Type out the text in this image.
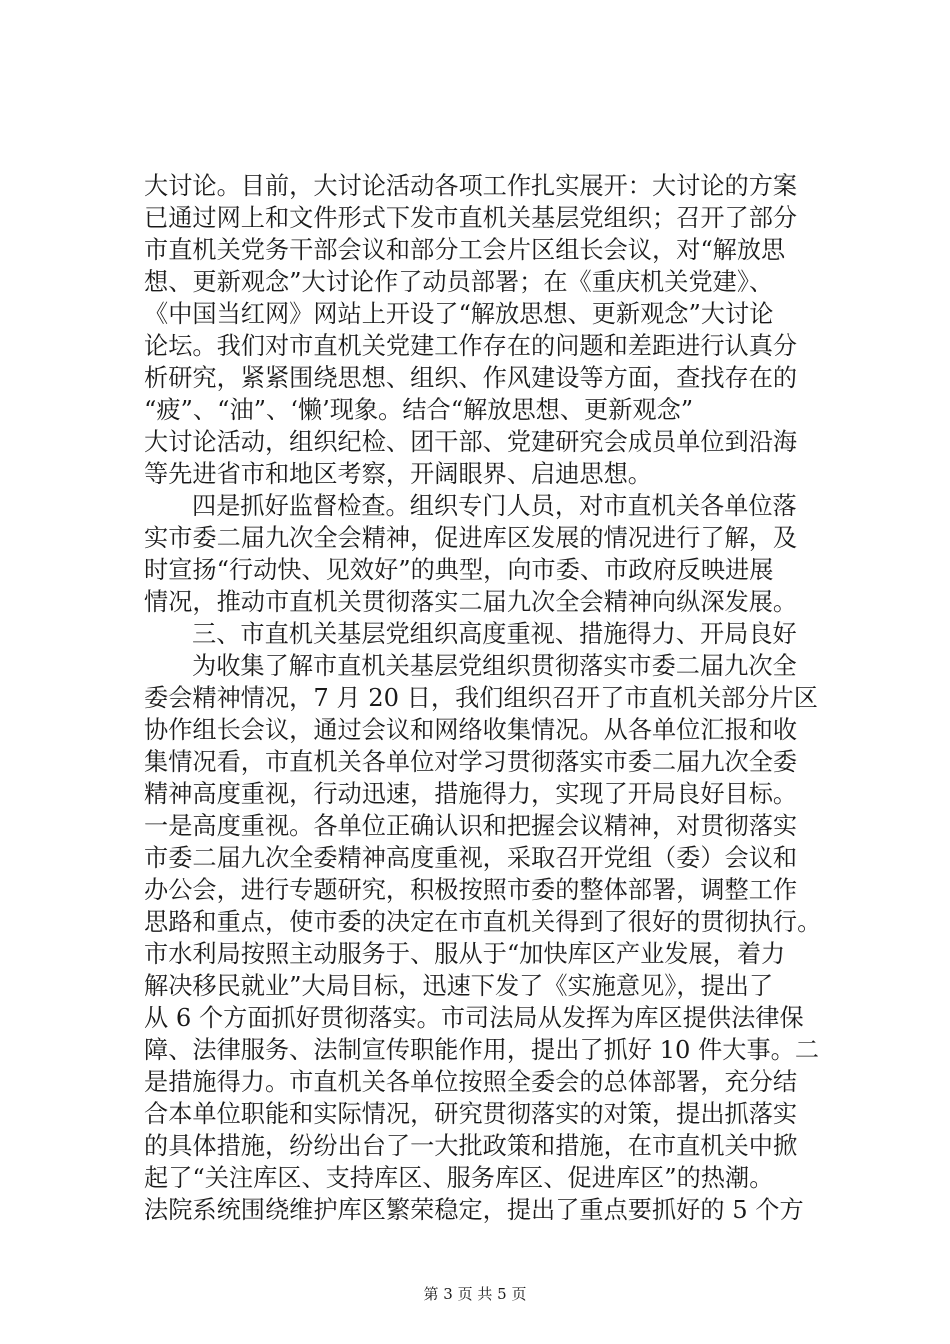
大讨论。目前，大讨论活动各项工作扎实展开：大讨论的方案

已通过网上和文件形式下发市直机关基层党组织；召开了部分

市直机关党务干部会议和部分工会片区组长会议，对“解放思

想、更新观念”大讨论作了动员部署；在《重庆机关党建》、

《中国当红网》网站上开设了“解放思想、更新观念”大讨论

论坛。我们对市直机关党建工作存在的问题和差距进行认真分

析研究，紧紧围绕思想、组织、作风建设等方面，查找存在的

“疲”、“油”、‘懒’现象。结合“解放思想、更新观念”

大讨论活动，组织纪检、团干部、党建研究会成员单位到沿海

等先进省市和地区考察，开阔眼界、启迪思想。

四是抓好监督检查。组织专门人员，对市直机关各单位落

实市委二届九次全会精神，促进库区发展的情况进行了解，及

时宣扬“行动快、见效好”的典型，向市委、市政府反映进展

情况，推动市直机关贯彻落实二届九次全会精神向纵深发展。

三、市直机关基层党组织高度重视、措施得力、开局良好

为收集了解市直机关基层党组织贯彻落实市委二届九次全

委会精神情况，7 月 20 日，我们组织召开了市直机关部分片区

协作组长会议，通过会议和网络收集情况。从各单位汇报和收

集情况看，市直机关各单位对学习贯彻落实市委二届九次全委

精神高度重视，行动迅速，措施得力，实现了开局良好目标。

一是高度重视。各单位正确认识和把握会议精神，对贯彻落实

市委二届九次全委精神高度重视，采取召开党组（委）会议和

办公会，进行专题研究，积极按照市委的整体部署，调整工作

思路和重点，使市委的决定在市直机关得到了很好的贯彻执行。

市水利局按照主动服务于、服从于“加快库区产业发展，着力

解决移民就业”大局目标，迅速下发了《实施意见》，提出了

从 6 个方面抓好贯彻落实。市司法局从发挥为库区提供法律保

障、法律服务、法制宣传职能作用，提出了抓好 10 件大事。二

是措施得力。市直机关各单位按照全委会的总体部署，充分结

合本单位职能和实际情况，研究贯彻落实的对策，提出抓落实

的具体措施，纷纷出台了一大批政策和措施，在市直机关中掀

起了“关注库区、支持库区、服务库区、促进库区”的热潮。

法院系统围绕维护库区繁荣稳定，提出了重点要抓好的 5 个方

第 3 页 共 5 页
